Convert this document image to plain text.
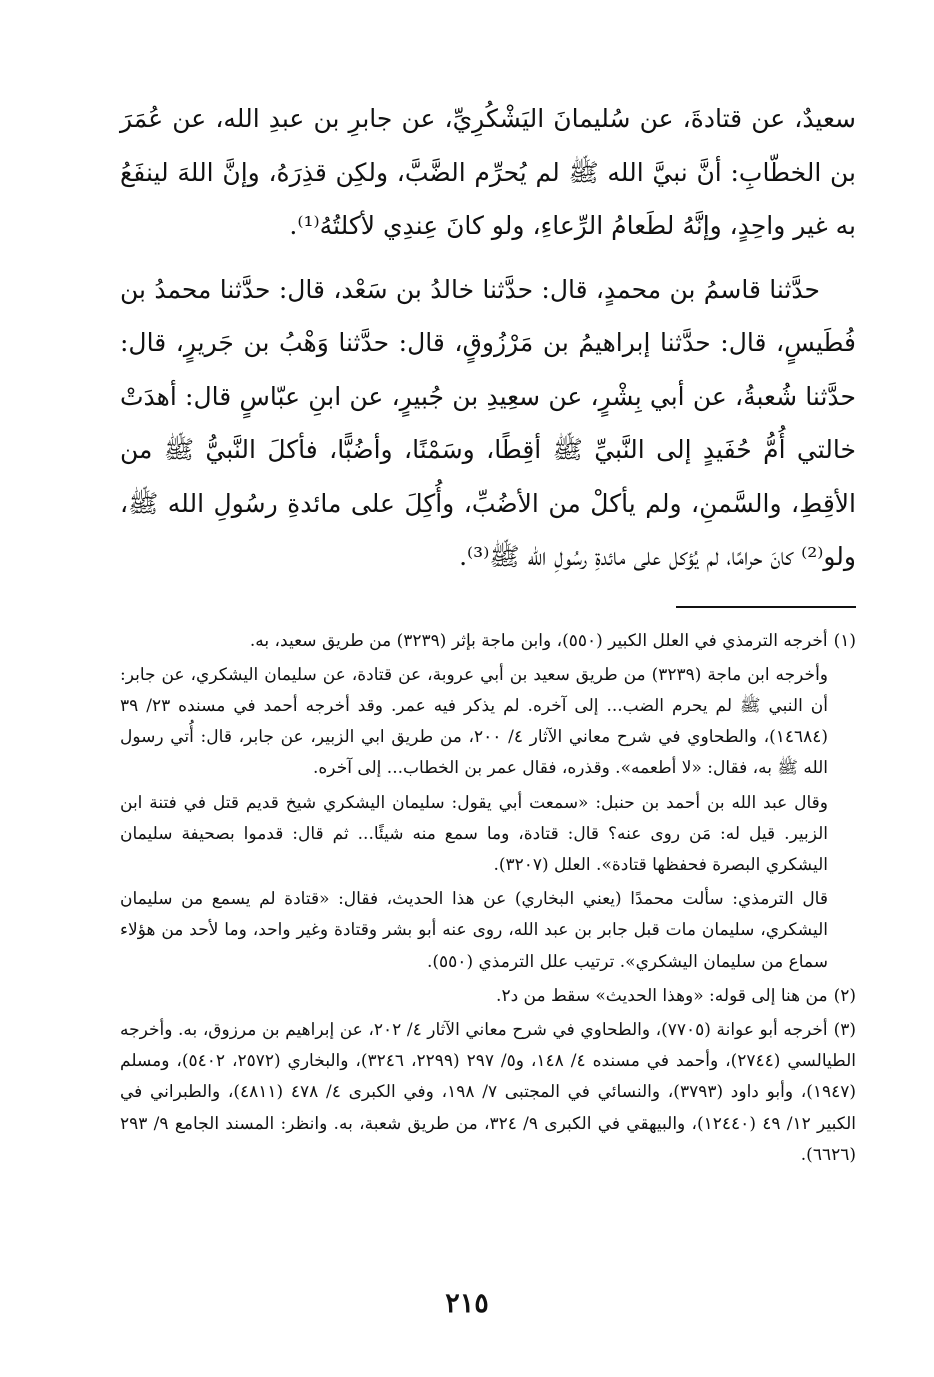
سعيدٌ، عن قتادةَ، عن سُليمانَ اليَشْكُرِيِّ، عن جابرِ بن عبدِ الله، عن عُمَرَ بن الخطّابِ: أنَّ نبيَّ الله ﷺ لم يُحرِّم الضَّبَّ، ولكِن قذِرَهُ، وإنَّ اللهَ لينفَعُ به غير واحِدٍ، وإنَّهُ لطَعامُ الرِّعاءِ، ولو كانَ عِندِي لأكلتُهُ⁽¹⁾.

حدَّثنا قاسمُ بن محمدٍ، قال: حدَّثنا خالدُ بن سَعْد، قال: حدَّثنا محمدُ بن فُطَيسٍ، قال: حدَّثنا إبراهيمُ بن مَرْزُوقٍ، قال: حدَّثنا وَهْبُ بن جَريرٍ، قال: حدَّثنا شُعبةُ، عن أبي بِشْرٍ، عن سعِيدِ بن جُبيرٍ، عن ابنِ عبّاسٍ قال: أهدَتْ خالتي أُمُّ حُفَيدٍ إلى النَّبيِّ ﷺ أقِطًا، وسَمْنًا، وأضُبًّا، فأكلَ النَّبيُّ ﷺ من الأقِطِ، والسَّمنِ، ولم يأكلْ من الأضُبِّ، وأُكِلَ على مائدةِ رسُولِ الله ﷺ، ولو⁽²⁾ كانَ حرامًا، لم يُؤكل على مائدةِ رسُولِ الله ﷺ⁽³⁾.

(١)أخرجه الترمذي في العلل الكبير (٥٥٠)، وابن ماجة بإثر (٣٢٣٩) من طريق سعيد، به.
وأخرجه ابن ماجة (٣٢٣٩) من طريق سعيد بن أبي عروبة، عن قتادة، عن سليمان اليشكري، عن جابر: أن النبي ﷺ لم يحرم الضب... إلى آخره. لم يذكر فيه عمر. وقد أخرجه أحمد في مسنده ٢٣/ ٣٩ (١٤٦٨٤)، والطحاوي في شرح معاني الآثار ٤/ ٢٠٠، من طريق ابي الزبير، عن جابر، قال: أُتي رسول الله ﷺ به، فقال: «لا أطعمه». وقذره، فقال عمر بن الخطاب... إلى آخره.
وقال عبد الله بن أحمد بن حنبل: «سمعت أبي يقول: سليمان اليشكري شيخ قديم قتل في فتنة ابن الزبير. قيل له: مَن روى عنه؟ قال: قتادة، وما سمع منه شيئًا... ثم قال: قدموا بصحيفة سليمان اليشكري البصرة فحفظها قتادة». العلل (٣٢٠٧).
قال الترمذي: سألت محمدًا (يعني البخاري) عن هذا الحديث، فقال: «قتادة لم يسمع من سليمان اليشكري، سليمان مات قبل جابر بن عبد الله، روى عنه أبو بشر وقتادة وغير واحد، وما لأحد من هؤلاء سماع من سليمان اليشكري». ترتيب علل الترمذي (٥٥٠).
(٢)من هنا إلى قوله: «وهذا الحديث» سقط من د٢.
(٣)أخرجه أبو عوانة (٧٧٠٥)، والطحاوي في شرح معاني الآثار ٤/ ٢٠٢، عن إبراهيم بن مرزوق، به. وأخرجه الطيالسي (٢٧٤٤)، وأحمد في مسنده ٤/ ١٤٨، و٥/ ٢٩٧ (٢٢٩٩، ٣٢٤٦)، والبخاري (٢٥٧٢، ٥٤٠٢)، ومسلم (١٩٤٧)، وأبو داود (٣٧٩٣)، والنسائي في المجتبى ٧/ ١٩٨، وفي الكبرى ٤/ ٤٧٨ (٤٨١١)، والطبراني في الكبير ١٢/ ٤٩ (١٢٤٤٠)، والبيهقي في الكبرى ٩/ ٣٢٤، من طريق شعبة، به. وانظر: المسند الجامع ٩/ ٢٩٣ (٦٦٢٦).
٢١٥
